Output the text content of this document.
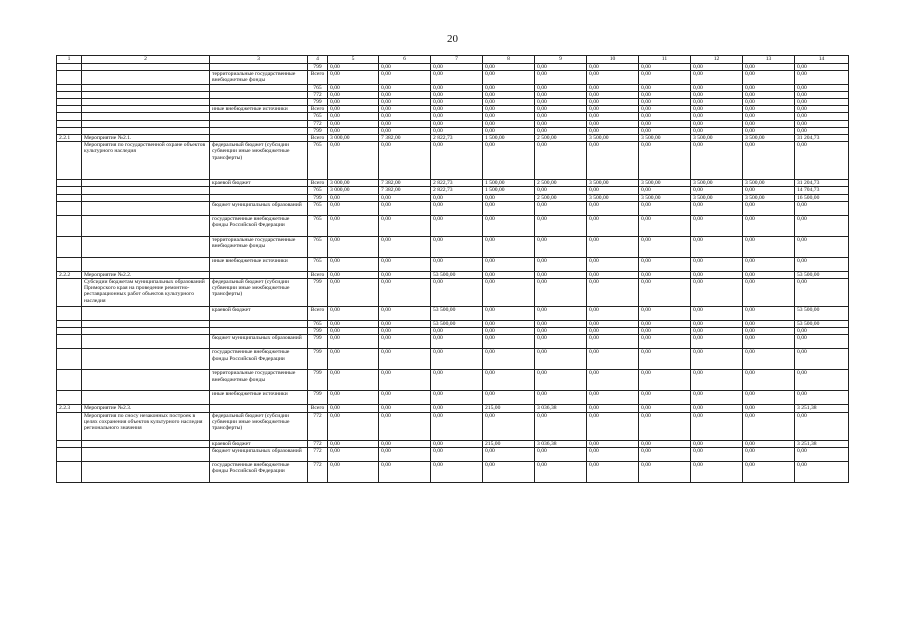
20
1	2	3	4	5	6	7	8	9	10	11	12	13	14
			799	0,00	0,00	0,00	0,00	0,00	0,00	0,00	0,00	0,00	0,00
		территориальные государственные внебюджетные фонды	Всего	0,00	0,00	0,00	0,00	0,00	0,00	0,00	0,00	0,00	0,00
			765	0,00	0,00	0,00	0,00	0,00	0,00	0,00	0,00	0,00	0,00
			772	0,00	0,00	0,00	0,00	0,00	0,00	0,00	0,00	0,00	0,00
			799	0,00	0,00	0,00	0,00	0,00	0,00	0,00	0,00	0,00	0,00
		иные внебюджетные источники	Всего	0,00	0,00	0,00	0,00	0,00	0,00	0,00	0,00	0,00	0,00
			765	0,00	0,00	0,00	0,00	0,00	0,00	0,00	0,00	0,00	0,00
			772	0,00	0,00	0,00	0,00	0,00	0,00	0,00	0,00	0,00	0,00
			799	0,00	0,00	0,00	0,00	0,00	0,00	0,00	0,00	0,00	0,00
2.2.1	Мероприятие №2.1.		Всего	3 000,00	7 382,00	2 822,73	1 500,00	2 500,00	3 500,00	3 500,00	3 500,00	3 500,00	31 204,73
	Мероприятия по государственной охране объектов культурного наследия	федеральный бюджет (субсидии субвенции иные межбюджетные трансферты)	765	0,00	0,00	0,00	0,00	0,00	0,00	0,00	0,00	0,00	0,00
		краевой бюджет	Всего	3 000,00	7 382,00	2 822,73	1 500,00	2 500,00	3 500,00	3 500,00	3 500,00	3 500,00	31 204,73
			765	3 000,00	7 382,00	2 822,73	1 500,00	0,00	0,00	0,00	0,00	0,00	14 704,73
			799	0,00	0,00	0,00	0,00	2 500,00	3 500,00	3 500,00	3 500,00	3 500,00	16 500,00
		бюджет муниципальных образований	765	0,00	0,00	0,00	0,00	0,00	0,00	0,00	0,00	0,00	0,00
		государственные внебюджетные фонды Российской Федерации	765	0,00	0,00	0,00	0,00	0,00	0,00	0,00	0,00	0,00	0,00
		территориальные государственные внебюджетные фонды	765	0,00	0,00	0,00	0,00	0,00	0,00	0,00	0,00	0,00	0,00
		иные внебюджетные источники	765	0,00	0,00	0,00	0,00	0,00	0,00	0,00	0,00	0,00	0,00
2.2.2	Мероприятие №2.2.		Всего	0,00	0,00	53 500,00	0,00	0,00	0,00	0,00	0,00	0,00	53 500,00
	Субсидии бюджетам муниципальных образований Приморского края на проведение ремонтно-реставрационных работ объектов культурного наследия	федеральный бюджет (субсидии субвенции иные межбюджетные трансферты)	799	0,00	0,00	0,00	0,00	0,00	0,00	0,00	0,00	0,00	0,00
		краевой бюджет	Всего	0,00	0,00	53 500,00	0,00	0,00	0,00	0,00	0,00	0,00	53 500,00
			765	0,00	0,00	53 500,00	0,00	0,00	0,00	0,00	0,00	0,00	53 500,00
			799	0,00	0,00	0,00	0,00	0,00	0,00	0,00	0,00	0,00	0,00
		бюджет муниципальных образований	799	0,00	0,00	0,00	0,00	0,00	0,00	0,00	0,00	0,00	0,00
		государственные внебюджетные фонды Российской Федерации	799	0,00	0,00	0,00	0,00	0,00	0,00	0,00	0,00	0,00	0,00
		территориальные государственные внебюджетные фонды	799	0,00	0,00	0,00	0,00	0,00	0,00	0,00	0,00	0,00	0,00
		иные внебюджетные источники	799	0,00	0,00	0,00	0,00	0,00	0,00	0,00	0,00	0,00	0,00
2.2.3	Мероприятие №2.3.		Всего	0,00	0,00	0,00	215,00	3 036,38	0,00	0,00	0,00	0,00	3 251,38
	Мероприятия по сносу незаконных построек в целях сохранения объектов культурного наследия регионального значения	федеральный бюджет (субсидии субвенции иные межбюджетные трансферты)	772	0,00	0,00	0,00	0,00	0,00	0,00	0,00	0,00	0,00	0,00
		краевой бюджет	772	0,00	0,00	0,00	215,00	3 036,38	0,00	0,00	0,00	0,00	3 251,38
		бюджет муниципальных образований	772	0,00	0,00	0,00	0,00	0,00	0,00	0,00	0,00	0,00	0,00
		государственные внебюджетные фонды Российской Федерации	772	0,00	0,00	0,00	0,00	0,00	0,00	0,00	0,00	0,00	0,00
